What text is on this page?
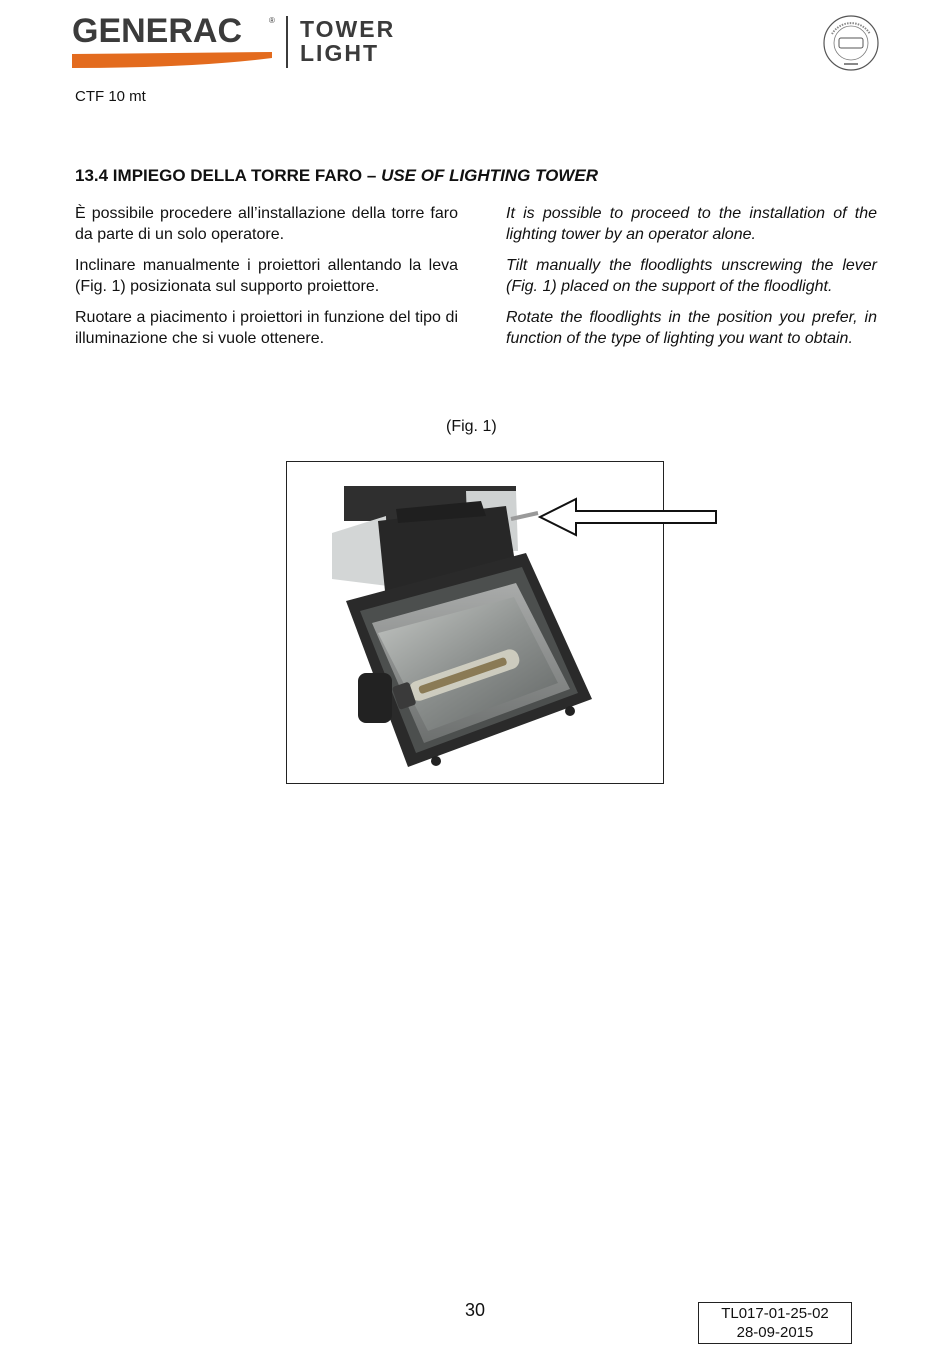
GENERAC	® TOWER
LIGHT
CTF 10 mt
13.4 IMPIEGO DELLA TORRE FARO – USE OF LIGHTING TOWER

È possibile procedere all’installazione della torre faro da parte di un solo operatore.

Inclinare manualmente i proiettori allentando la leva (Fig. 1) posizionata sul supporto proiettore.

Ruotare a piacimento i proiettori in funzione del tipo di illuminazione che si vuole ottenere.

It is possible to proceed to the installation of the lighting tower by an operator alone.

Tilt manually the floodlights unscrewing the lever (Fig. 1) placed on the support of the floodlight.

Rotate the floodlights in the position you prefer, in function of the type of lighting you want to obtain.

(Fig. 1)
30	TL017-01-25-02
28-09-2015
